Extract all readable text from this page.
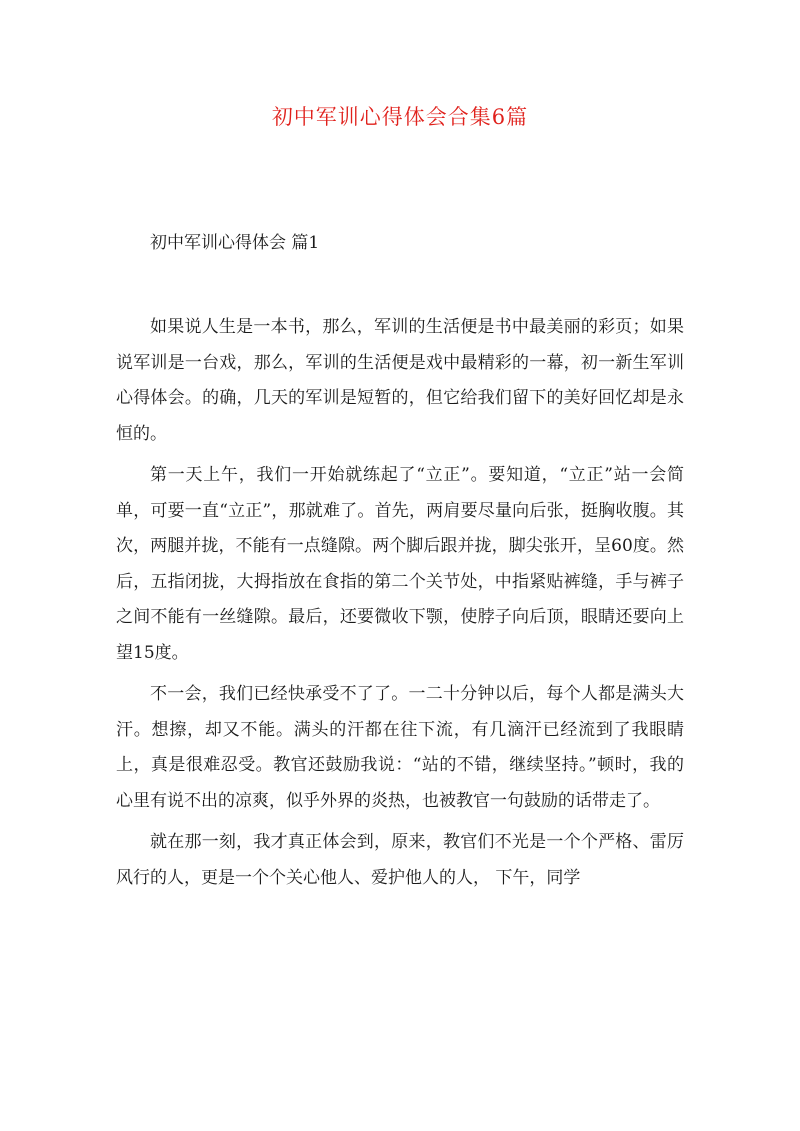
初中军训心得体会合集6篇
初中军训心得体会 篇1

如果说人生是一本书，那么，军训的生活便是书中最美丽的彩页；如果说军训是一台戏，那么，军训的生活便是戏中最精彩的一幕，初一新生军训心得体会。的确，几天的军训是短暂的，但它给我们留下的美好回忆却是永恒的。

第一天上午，我们一开始就练起了“立正”。要知道，“立正”站一会简单，可要一直“立正”，那就难了。首先，两肩要尽量向后张，挺胸收腹。其次，两腿并拢，不能有一点缝隙。两个脚后跟并拢，脚尖张开，呈60度。然后，五指闭拢，大拇指放在食指的第二个关节处，中指紧贴裤缝，手与裤子之间不能有一丝缝隙。最后，还要微收下颚，使脖子向后顶，眼睛还要向上望15度。

不一会，我们已经快承受不了了。一二十分钟以后，每个人都是满头大汗。想擦，却又不能。满头的汗都在往下流，有几滴汗已经流到了我眼睛上，真是很难忍受。教官还鼓励我说：“站的不错，继续坚持。”顿时，我的心里有说不出的凉爽，似乎外界的炎热，也被教官一句鼓励的话带走了。

就在那一刻，我才真正体会到，原来，教官们不光是一个个严格、雷厉风行的人，更是一个个关心他人、爱护他人的人， 下午，同学
